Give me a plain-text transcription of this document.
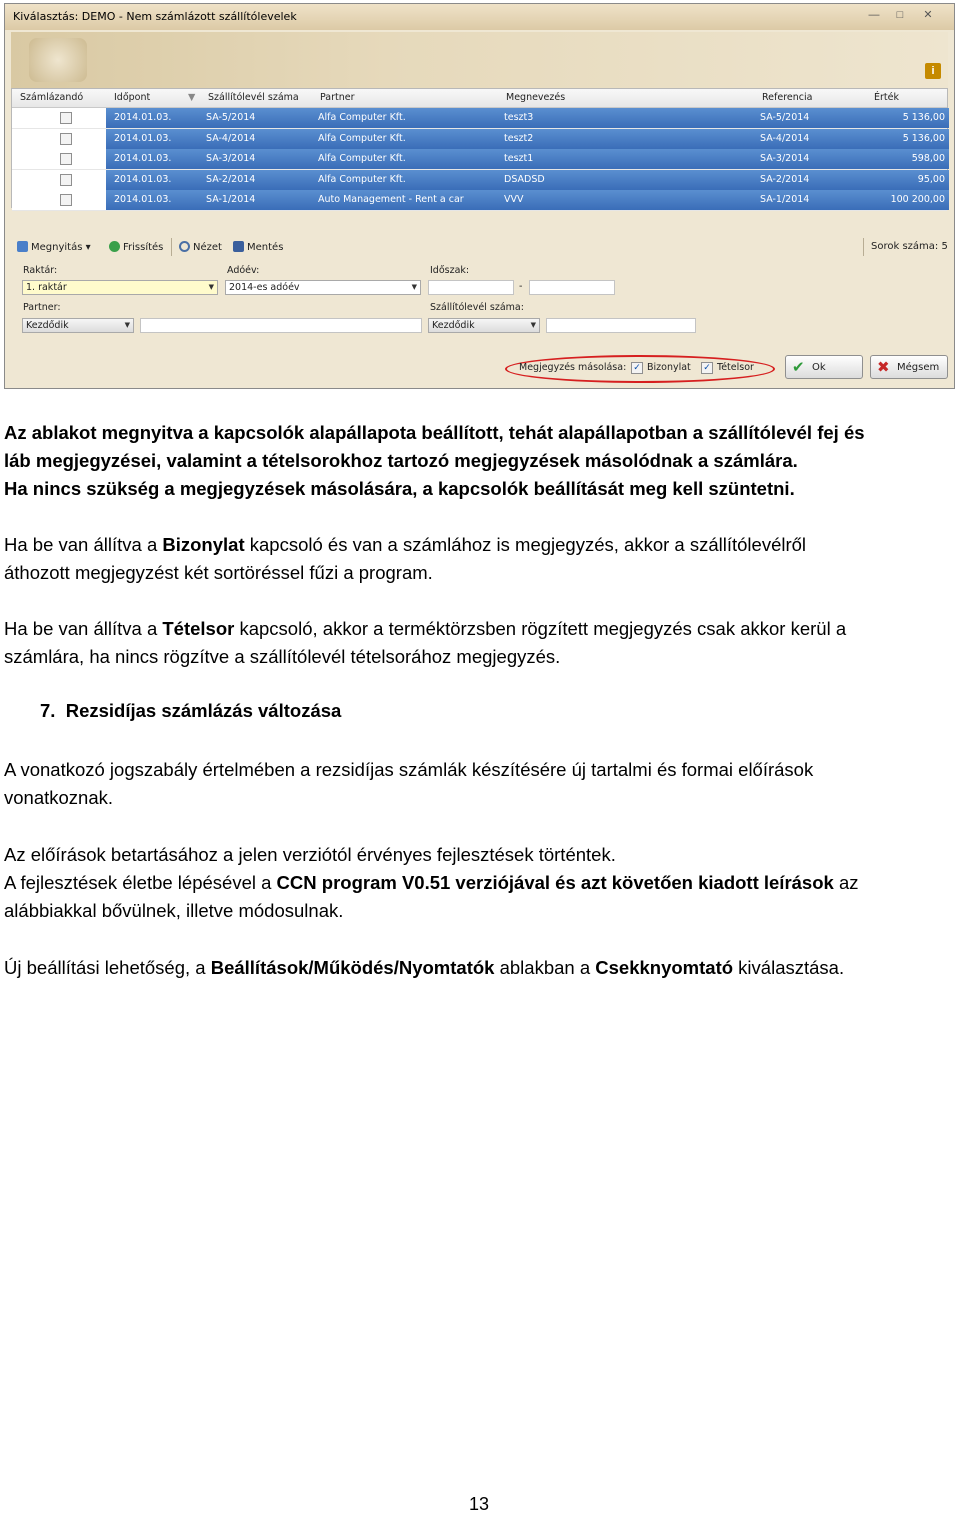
Kiválasztás: DEMO - Nem számlázott szállítólevelek	—	□	✕
i
Számlázandó	Időpont	▼ Szállítólevél száma Partner	Megnevezés	Referencia	Érték
2014.01.03.	SA-5/2014	Alfa Computer Kft.	teszt3	SA-5/2014	5 136,00
2014.01.03.	SA-4/2014	Alfa Computer Kft.	teszt2	SA-4/2014	5 136,00
2014.01.03.	SA-3/2014	Alfa Computer Kft.	teszt1	SA-3/2014	598,00
2014.01.03.	SA-2/2014	Alfa Computer Kft.	DSADSD	SA-2/2014	95,00
2014.01.03.	SA-1/2014	Auto Management - Rent a car	VVV	SA-1/2014	100 200,00
Megnyitás ▾	Frissítés	Nézet	Mentés	Sorok száma: 5
Raktár:
1. raktár	▼
Adóév:
2014-es adóév	▼
Időszak:
-
Partner:
Kezdődik	▼
Szállítólevél száma:
Kezdődik	▼
Megjegyzés másolása: ✓ Bizonylat ✓ Tételsor	✔ Ok	✖ Mégsem

Az ablakot megnyitva a kapcsolók alapállapota beállított, tehát alapállapotban a szállítólevél fej és
láb megjegyzései, valamint a tételsorokhoz tartozó megjegyzések másolódnak a számlára.
Ha nincs szükség a megjegyzések másolására, a kapcsolók beállítását meg kell szüntetni.

Ha be van állítva a Bizonylat kapcsoló és van a számlához is megjegyzés, akkor a szállítólevélről
áthozott megjegyzést két sortöréssel fűzi a program.

Ha be van állítva a Tételsor kapcsoló, akkor a terméktörzsben rögzített megjegyzés csak akkor kerül a
számlára, ha nincs rögzítve a szállítólevél tételsorához megjegyzés.

7. Rezsidíjas számlázás változása

A vonatkozó jogszabály értelmében a rezsidíjas számlák készítésére új tartalmi és formai előírások
vonatkoznak.

Az előírások betartásához a jelen verziótól érvényes fejlesztések történtek.
A fejlesztések életbe lépésével a CCN program V0.51 verziójával és azt követően kiadott leírások az
alábbiakkal bővülnek, illetve módosulnak.

Új beállítási lehetőség, a Beállítások/Működés/Nyomtatók ablakban a Csekknyomtató kiválasztása.

13
